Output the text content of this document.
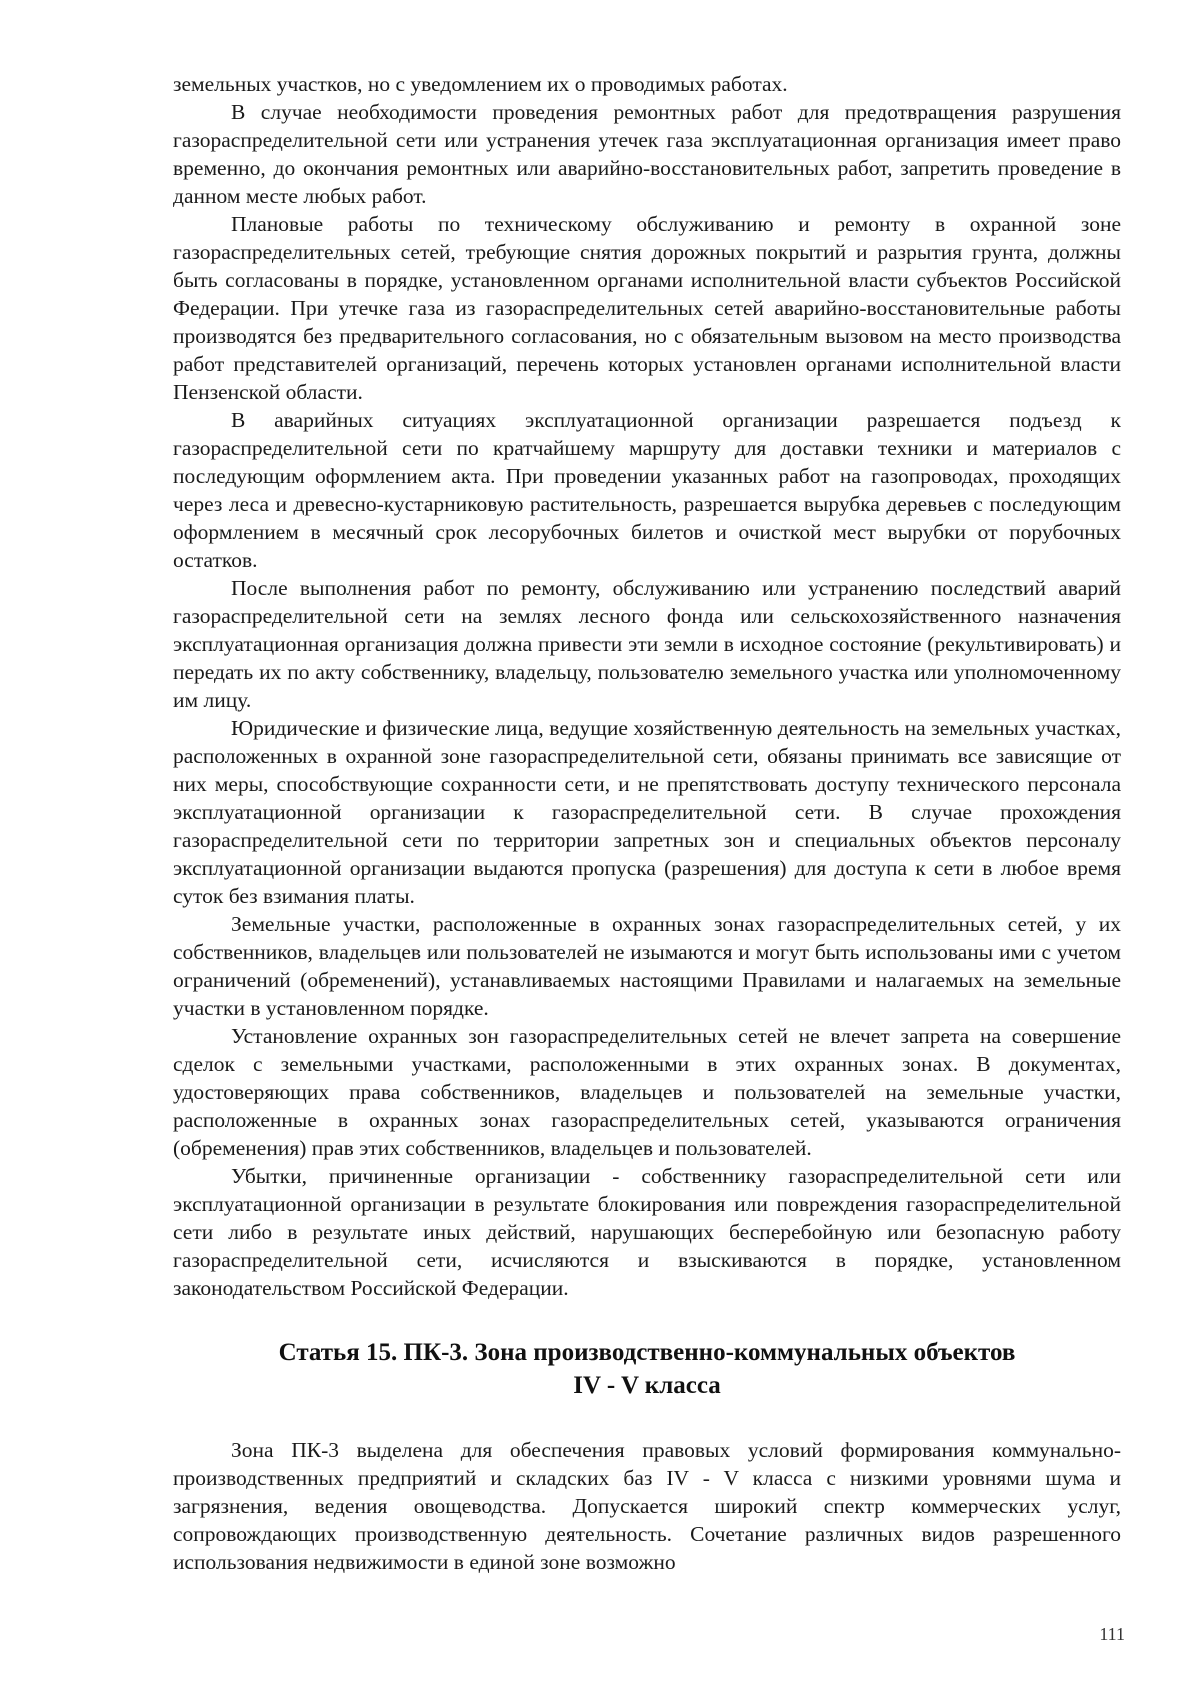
земельных участков, но с уведомлением их о проводимых работах.

В случае необходимости проведения ремонтных работ для предотвращения разрушения газораспределительной сети или устранения утечек газа эксплуатационная организация имеет право временно, до окончания ремонтных или аварийно-восстановительных работ, запретить проведение в данном месте любых работ.

Плановые работы по техническому обслуживанию и ремонту в охранной зоне газораспределительных сетей, требующие снятия дорожных покрытий и разрытия грунта, должны быть согласованы в порядке, установленном органами исполнительной власти субъектов Российской Федерации. При утечке газа из газораспределительных сетей аварийно-восстановительные работы производятся без предварительного согласования, но с обязательным вызовом на место производства работ представителей организаций, перечень которых установлен органами исполнительной власти Пензенской области.

В аварийных ситуациях эксплуатационной организации разрешается подъезд к газораспределительной сети по кратчайшему маршруту для доставки техники и материалов с последующим оформлением акта. При проведении указанных работ на газопроводах, проходящих через леса и древесно-кустарниковую растительность, разрешается вырубка деревьев с последующим оформлением в месячный срок лесорубочных билетов и очисткой мест вырубки от порубочных остатков.

После выполнения работ по ремонту, обслуживанию или устранению последствий аварий газораспределительной сети на землях лесного фонда или сельскохозяйственного назначения эксплуатационная организация должна привести эти земли в исходное состояние (рекультивировать) и передать их по акту собственнику, владельцу, пользователю земельного участка или уполномоченному им лицу.

Юридические и физические лица, ведущие хозяйственную деятельность на земельных участках, расположенных в охранной зоне газораспределительной сети, обязаны принимать все зависящие от них меры, способствующие сохранности сети, и не препятствовать доступу технического персонала эксплуатационной организации к газораспределительной сети. В случае прохождения газораспределительной сети по территории запретных зон и специальных объектов персоналу эксплуатационной организации выдаются пропуска (разрешения) для доступа к сети в любое время суток без взимания платы.

Земельные участки, расположенные в охранных зонах газораспределительных сетей, у их собственников, владельцев или пользователей не изымаются и могут быть использованы ими с учетом ограничений (обременений), устанавливаемых настоящими Правилами и налагаемых на земельные участки в установленном порядке.

Установление охранных зон газораспределительных сетей не влечет запрета на совершение сделок с земельными участками, расположенными в этих охранных зонах. В документах, удостоверяющих права собственников, владельцев и пользователей на земельные участки, расположенные в охранных зонах газораспределительных сетей, указываются ограничения (обременения) прав этих собственников, владельцев и пользователей.

Убытки, причиненные организации - собственнику газораспределительной сети или эксплуатационной организации в результате блокирования или повреждения газораспределительной сети либо в результате иных действий, нарушающих бесперебойную или безопасную работу газораспределительной сети, исчисляются и взыскиваются в порядке, установленном законодательством Российской Федерации.

Статья 15. ПК-3. Зона производственно-коммунальных объектов
IV - V класса

Зона ПК-3 выделена для обеспечения правовых условий формирования коммунально-производственных предприятий и складских баз IV - V класса с низкими уровнями шума и загрязнения, ведения овощеводства. Допускается широкий спектр коммерческих услуг, сопровождающих производственную деятельность. Сочетание различных видов разрешенного использования недвижимости в единой зоне возможно

111
